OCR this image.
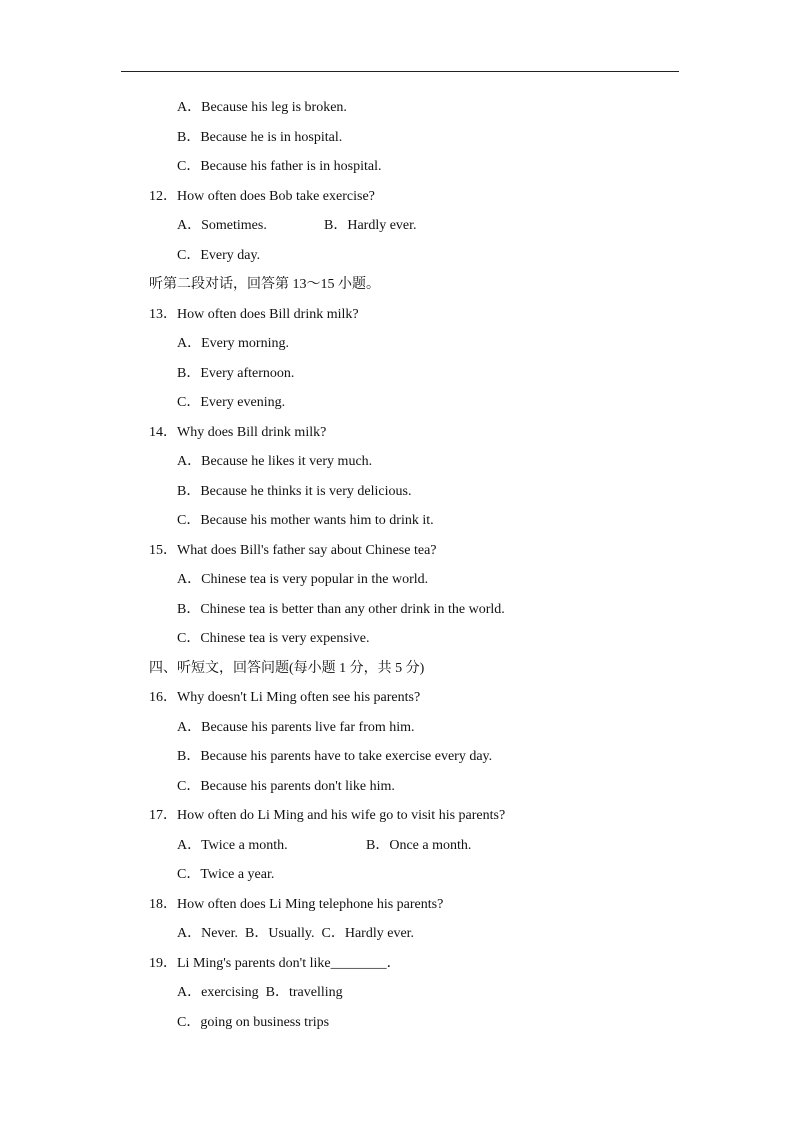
A．Because his leg is broken.
B．Because he is in hospital.
C．Because his father is in hospital.
12．How often does Bob take exercise?
A．Sometimes.	B．Hardly ever.
C．Every day.
听第二段对话，回答第 13～15 小题。
13．How often does Bill drink milk?
A．Every morning.
B．Every afternoon.
C．Every evening.
14．Why does Bill drink milk?
A．Because he likes it very much.
B．Because he thinks it is very delicious.
C．Because his mother wants him to drink it.
15．What does Bill's father say about Chinese tea?
A．Chinese tea is very popular in the world.
B．Chinese tea is better than any other drink in the world.
C．Chinese tea is very expensive.
四、听短文，回答问题(每小题 1 分，共 5 分)
16．Why doesn't Li Ming often see his parents?
A．Because his parents live far from him.
B．Because his parents have to take exercise every day.
C．Because his parents don't like him.
17．How often do Li Ming and his wife go to visit his parents?
A．Twice a month.	B．Once a month.
C．Twice a year.
18．How often does Li Ming telephone his parents?
A．Never.  B．Usually.  C．Hardly ever.
19．Li Ming's parents don't like________．
A．exercising  B．travelling
C．going on business trips
